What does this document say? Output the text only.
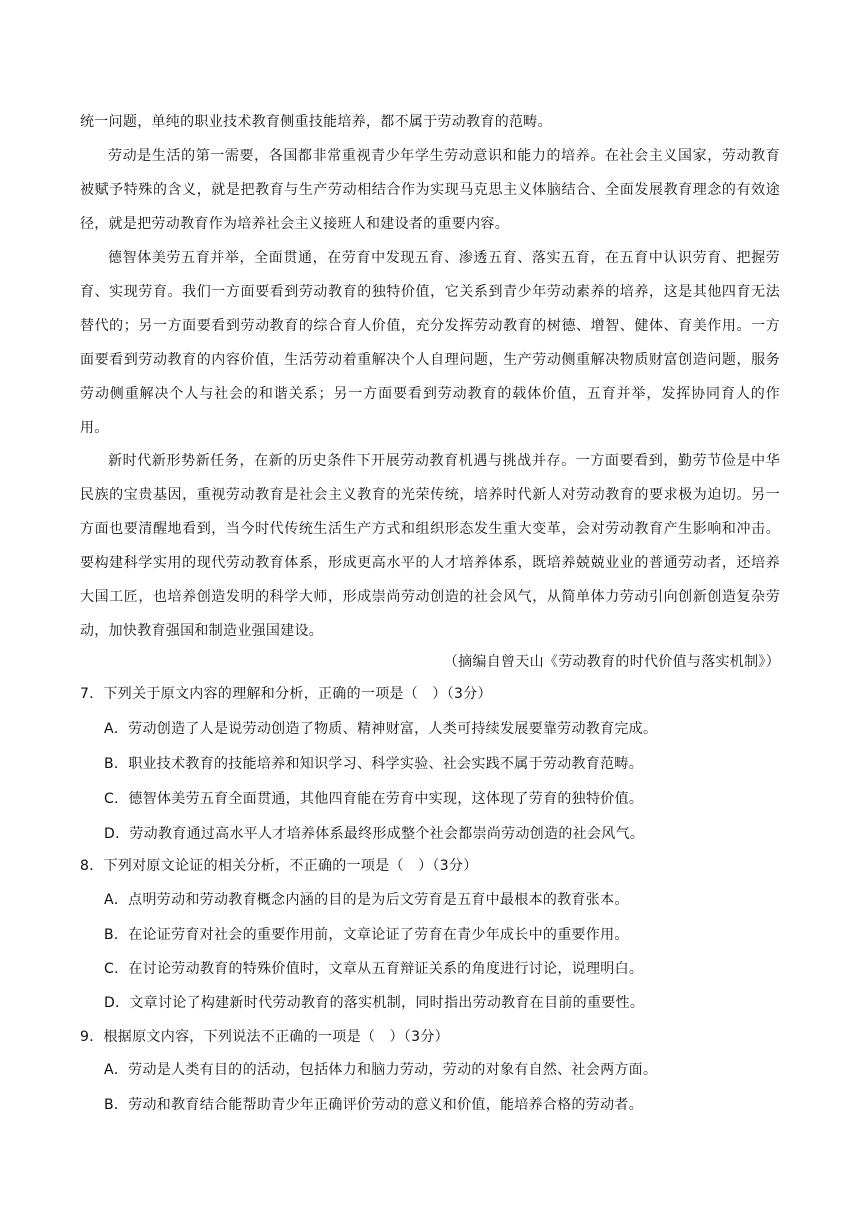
统一问题，单纯的职业技术教育侧重技能培养，都不属于劳动教育的范畴。

劳动是生活的第一需要，各国都非常重视青少年学生劳动意识和能力的培养。在社会主义国家，劳动教育被赋予特殊的含义，就是把教育与生产劳动相结合作为实现马克思主义体脑结合、全面发展教育理念的有效途径，就是把劳动教育作为培养社会主义接班人和建设者的重要内容。

德智体美劳五育并举，全面贯通，在劳育中发现五育、渗透五育、落实五育，在五育中认识劳育、把握劳育、实现劳育。我们一方面要看到劳动教育的独特价值，它关系到青少年劳动素养的培养，这是其他四育无法替代的；另一方面要看到劳动教育的综合育人价值，充分发挥劳动教育的树德、增智、健体、育美作用。一方面要看到劳动教育的内容价值，生活劳动着重解决个人自理问题，生产劳动侧重解决物质财富创造问题，服务劳动侧重解决个人与社会的和谐关系；另一方面要看到劳动教育的载体价值，五育并举，发挥协同育人的作用。

新时代新形势新任务，在新的历史条件下开展劳动教育机遇与挑战并存。一方面要看到，勤劳节俭是中华民族的宝贵基因，重视劳动教育是社会主义教育的光荣传统，培养时代新人对劳动教育的要求极为迫切。另一方面也要清醒地看到，当今时代传统生活生产方式和组织形态发生重大变革，会对劳动教育产生影响和冲击。要构建科学实用的现代劳动教育体系，形成更高水平的人才培养体系，既培养兢兢业业的普通劳动者，还培养大国工匠，也培养创造发明的科学大师，形成崇尚劳动创造的社会风气，从简单体力劳动引向创新创造复杂劳动，加快教育强国和制造业强国建设。

（摘编自曾天山《劳动教育的时代价值与落实机制》）

7．下列关于原文内容的理解和分析，正确的一项是（　）（3分）

A．劳动创造了人是说劳动创造了物质、精神财富，人类可持续发展要靠劳动教育完成。

B．职业技术教育的技能培养和知识学习、科学实验、社会实践不属于劳动教育范畴。

C．德智体美劳五育全面贯通，其他四育能在劳育中实现，这体现了劳育的独特价值。

D．劳动教育通过高水平人才培养体系最终形成整个社会都崇尚劳动创造的社会风气。

8．下列对原文论证的相关分析，不正确的一项是（　）（3分）

A．点明劳动和劳动教育概念内涵的目的是为后文劳育是五育中最根本的教育张本。

B．在论证劳育对社会的重要作用前，文章论证了劳育在青少年成长中的重要作用。

C．在讨论劳动教育的特殊价值时，文章从五育辩证关系的角度进行讨论，说理明白。

D．文章讨论了构建新时代劳动教育的落实机制，同时指出劳动教育在目前的重要性。

9．根据原文内容，下列说法不正确的一项是（　）（3分）

A．劳动是人类有目的的活动，包括体力和脑力劳动，劳动的对象有自然、社会两方面。

B．劳动和教育结合能帮助青少年正确评价劳动的意义和价值，能培养合格的劳动者。
